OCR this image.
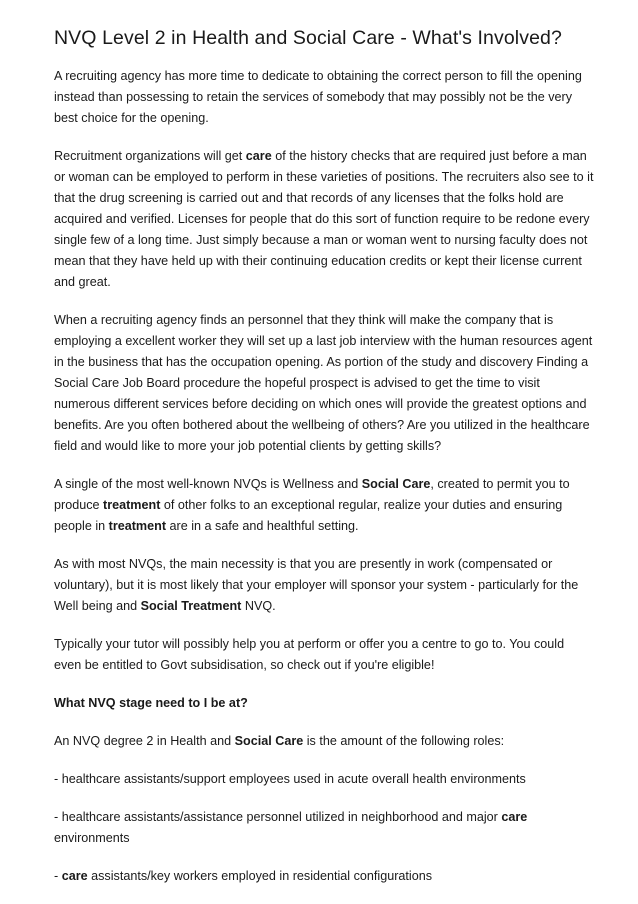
NVQ Level 2 in Health and Social Care - What's Involved?

A recruiting agency has more time to dedicate to obtaining the correct person to fill the opening instead than possessing to retain the services of somebody that may possibly not be the very best choice for the opening.

Recruitment organizations will get care of the history checks that are required just before a man or woman can be employed to perform in these varieties of positions. The recruiters also see to it that the drug screening is carried out and that records of any licenses that the folks hold are acquired and verified. Licenses for people that do this sort of function require to be redone every single few of a long time. Just simply because a man or woman went to nursing faculty does not mean that they have held up with their continuing education credits or kept their license current and great.

When a recruiting agency finds an personnel that they think will make the company that is employing a excellent worker they will set up a last job interview with the human resources agent in the business that has the occupation opening. As portion of the study and discovery Finding a Social Care Job Board procedure the hopeful prospect is advised to get the time to visit numerous different services before deciding on which ones will provide the greatest options and benefits. Are you often bothered about the wellbeing of others? Are you utilized in the healthcare field and would like to more your job potential clients by getting skills?

A single of the most well-known NVQs is Wellness and Social Care, created to permit you to produce treatment of other folks to an exceptional regular, realize your duties and ensuring people in treatment are in a safe and healthful setting.

As with most NVQs, the main necessity is that you are presently in work (compensated or voluntary), but it is most likely that your employer will sponsor your system - particularly for the Well being and Social Treatment NVQ.

Typically your tutor will possibly help you at perform or offer you a centre to go to. You could even be entitled to Govt subsidisation, so check out if you're eligible!

What NVQ stage need to I be at?

An NVQ degree 2 in Health and Social Care is the amount of the following roles:

- healthcare assistants/support employees used in acute overall health environments

- healthcare assistants/assistance personnel utilized in neighborhood and major care environments

- care assistants/key workers employed in residential configurations
